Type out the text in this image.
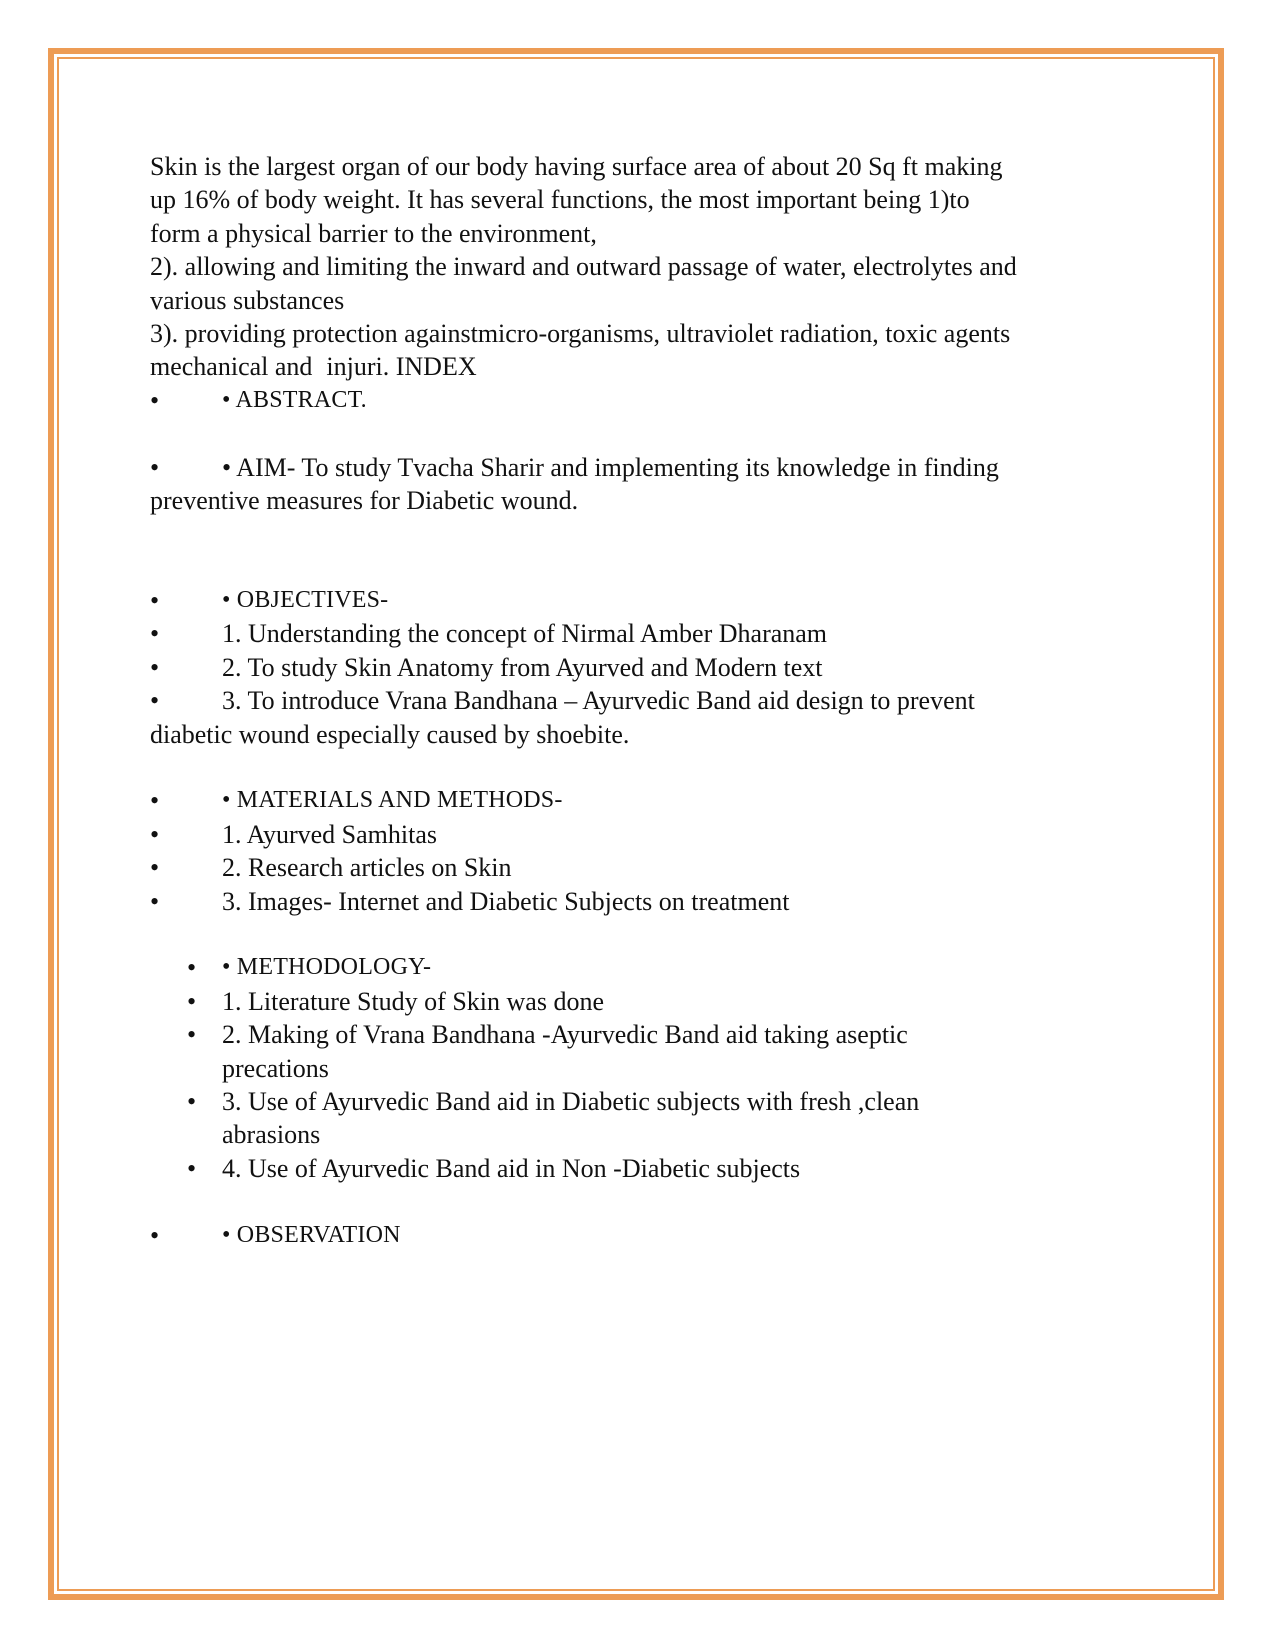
Skin is the largest organ of our body having surface area of about 20 Sq ft making
up 16% of body weight. It has several functions, the most important being 1)to
form a physical barrier to the environment,
2). allowing and limiting the inward and outward passage of water, electrolytes and
various substances
3). providing protection againstmicro-organisms, ultraviolet radiation, toxic agents
mechanical and injuri. INDEX
•	• ABSTRACT.
• • AIM- To study Tvacha Sharir and implementing its knowledge in finding
preventive measures for Diabetic wound.
•	• OBJECTIVES-
• 1. Understanding the concept of Nirmal Amber Dharanam
• 2. To study Skin Anatomy from Ayurved and Modern text
• 3. To introduce Vrana Bandhana – Ayurvedic Band aid design to prevent
diabetic wound especially caused by shoebite.
•	• MATERIALS AND METHODS-
• 1. Ayurved Samhitas
• 2. Research articles on Skin
• 3. Images- Internet and Diabetic Subjects on treatment
• • METHODOLOGY-
• 1. Literature Study of Skin was done
• 2. Making of Vrana Bandhana -Ayurvedic Band aid taking aseptic
precations
• 3. Use of Ayurvedic Band aid in Diabetic subjects with fresh ,clean
abrasions
• 4. Use of Ayurvedic Band aid in Non -Diabetic subjects
•	• OBSERVATION
